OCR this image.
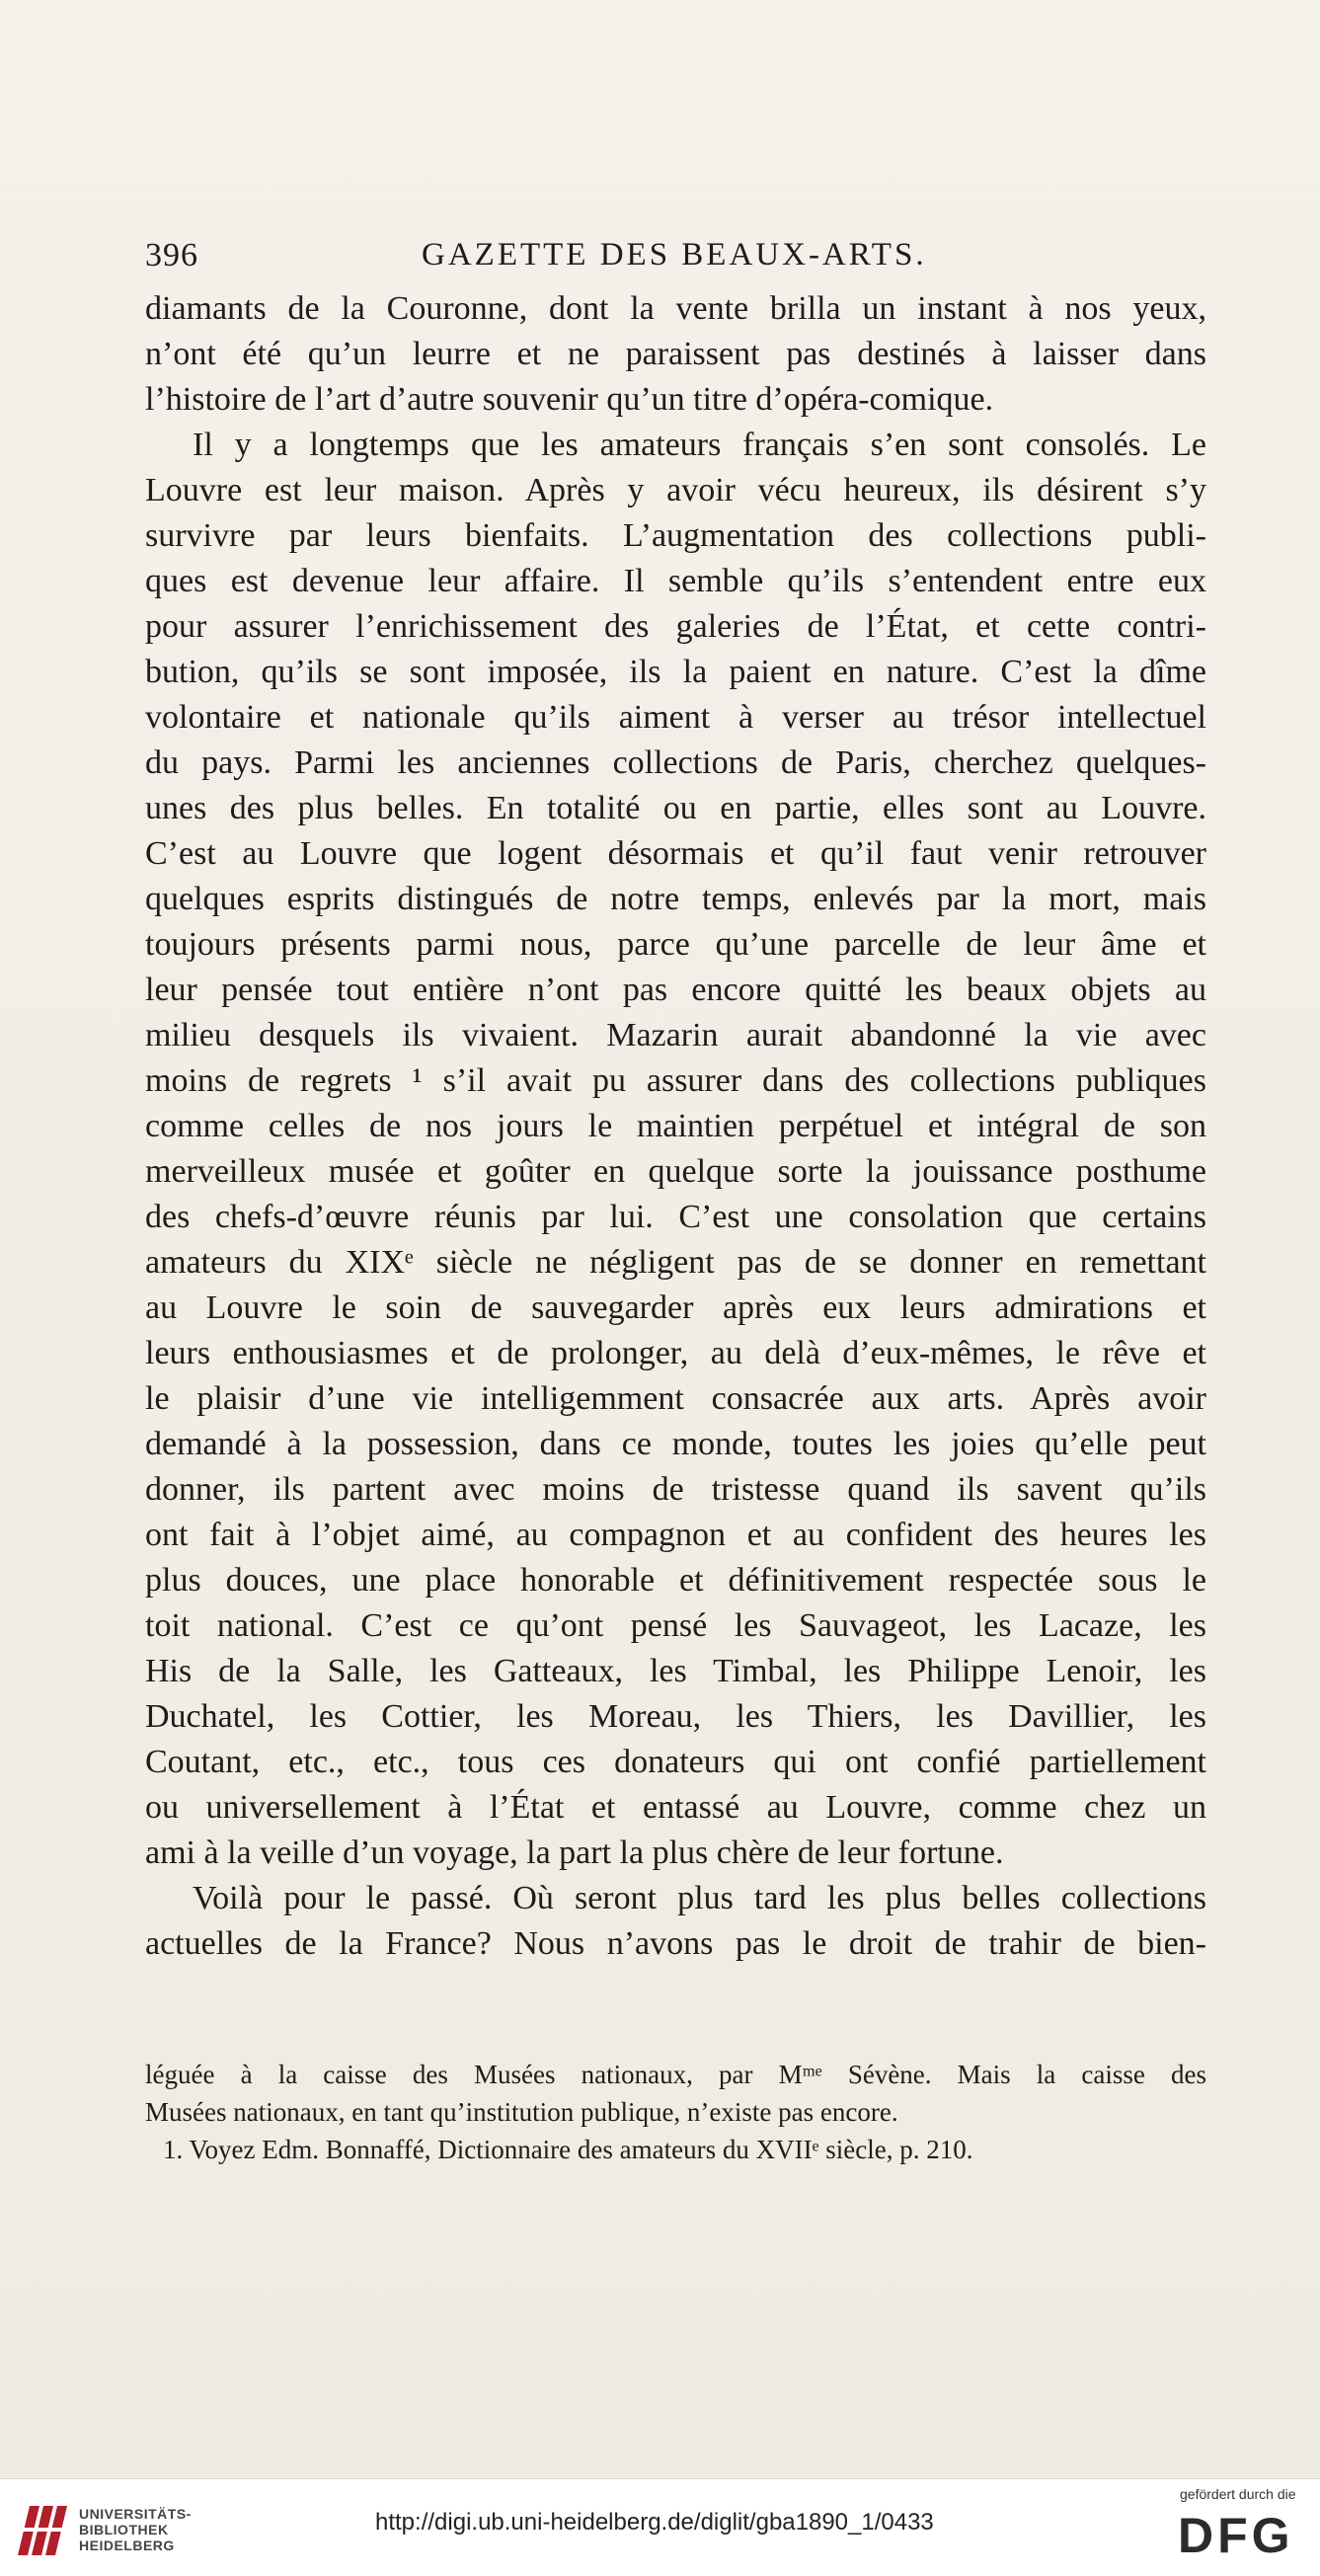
396	GAZETTE DES BEAUX-ARTS.

diamants de la Couronne, dont la vente brilla un instant à nos yeux,
n’ont été qu’un leurre et ne paraissent pas destinés à laisser dans
l’histoire de l’art d’autre souvenir qu’un titre d’opéra-comique.

Il y a longtemps que les amateurs français s’en sont consolés. Le
Louvre est leur maison. Après y avoir vécu heureux, ils désirent s’y
survivre par leurs bienfaits. L’augmentation des collections publi-
ques est devenue leur affaire. Il semble qu’ils s’entendent entre eux
pour assurer l’enrichissement des galeries de l’État, et cette contri-
bution, qu’ils se sont imposée, ils la paient en nature. C’est la dîme
volontaire et nationale qu’ils aiment à verser au trésor intellectuel
du pays. Parmi les anciennes collections de Paris, cherchez quelques-
unes des plus belles. En totalité ou en partie, elles sont au Louvre.
C’est au Louvre que logent désormais et qu’il faut venir retrouver
quelques esprits distingués de notre temps, enlevés par la mort, mais
toujours présents parmi nous, parce qu’une parcelle de leur âme et
leur pensée tout entière n’ont pas encore quitté les beaux objets au
milieu desquels ils vivaient. Mazarin aurait abandonné la vie avec
moins de regrets ¹ s’il avait pu assurer dans des collections publiques
comme celles de nos jours le maintien perpétuel et intégral de son
merveilleux musée et goûter en quelque sorte la jouissance posthume
des chefs-d’œuvre réunis par lui. C’est une consolation que certains
amateurs du XIXᵉ siècle ne négligent pas de se donner en remettant
au Louvre le soin de sauvegarder après eux leurs admirations et
leurs enthousiasmes et de prolonger, au delà d’eux-mêmes, le rêve et
le plaisir d’une vie intelligemment consacrée aux arts. Après avoir
demandé à la possession, dans ce monde, toutes les joies qu’elle peut
donner, ils partent avec moins de tristesse quand ils savent qu’ils
ont fait à l’objet aimé, au compagnon et au confident des heures les
plus douces, une place honorable et définitivement respectée sous le
toit national. C’est ce qu’ont pensé les Sauvageot, les Lacaze, les
His de la Salle, les Gatteaux, les Timbal, les Philippe Lenoir, les
Duchatel, les Cottier, les Moreau, les Thiers, les Davillier, les
Coutant, etc., etc., tous ces donateurs qui ont confié partiellement
ou universellement à l’État et entassé au Louvre, comme chez un
ami à la veille d’un voyage, la part la plus chère de leur fortune.

Voilà pour le passé. Où seront plus tard les plus belles collections
actuelles de la France? Nous n’avons pas le droit de trahir de bien-

léguée à la caisse des Musées nationaux, par Mᵐᵉ Sévène. Mais la caisse des
Musées nationaux, en tant qu’institution publique, n’existe pas encore.
1. Voyez Edm. Bonnaffé, Dictionnaire des amateurs du XVIIᵉ siècle, p. 210.
UNIVERSITÄTS-
BIBLIOTHEK
HEIDELBERG
http://digi.ub.uni-heidelberg.de/diglit/gba1890_1/0433
gefördert durch die
DFG
